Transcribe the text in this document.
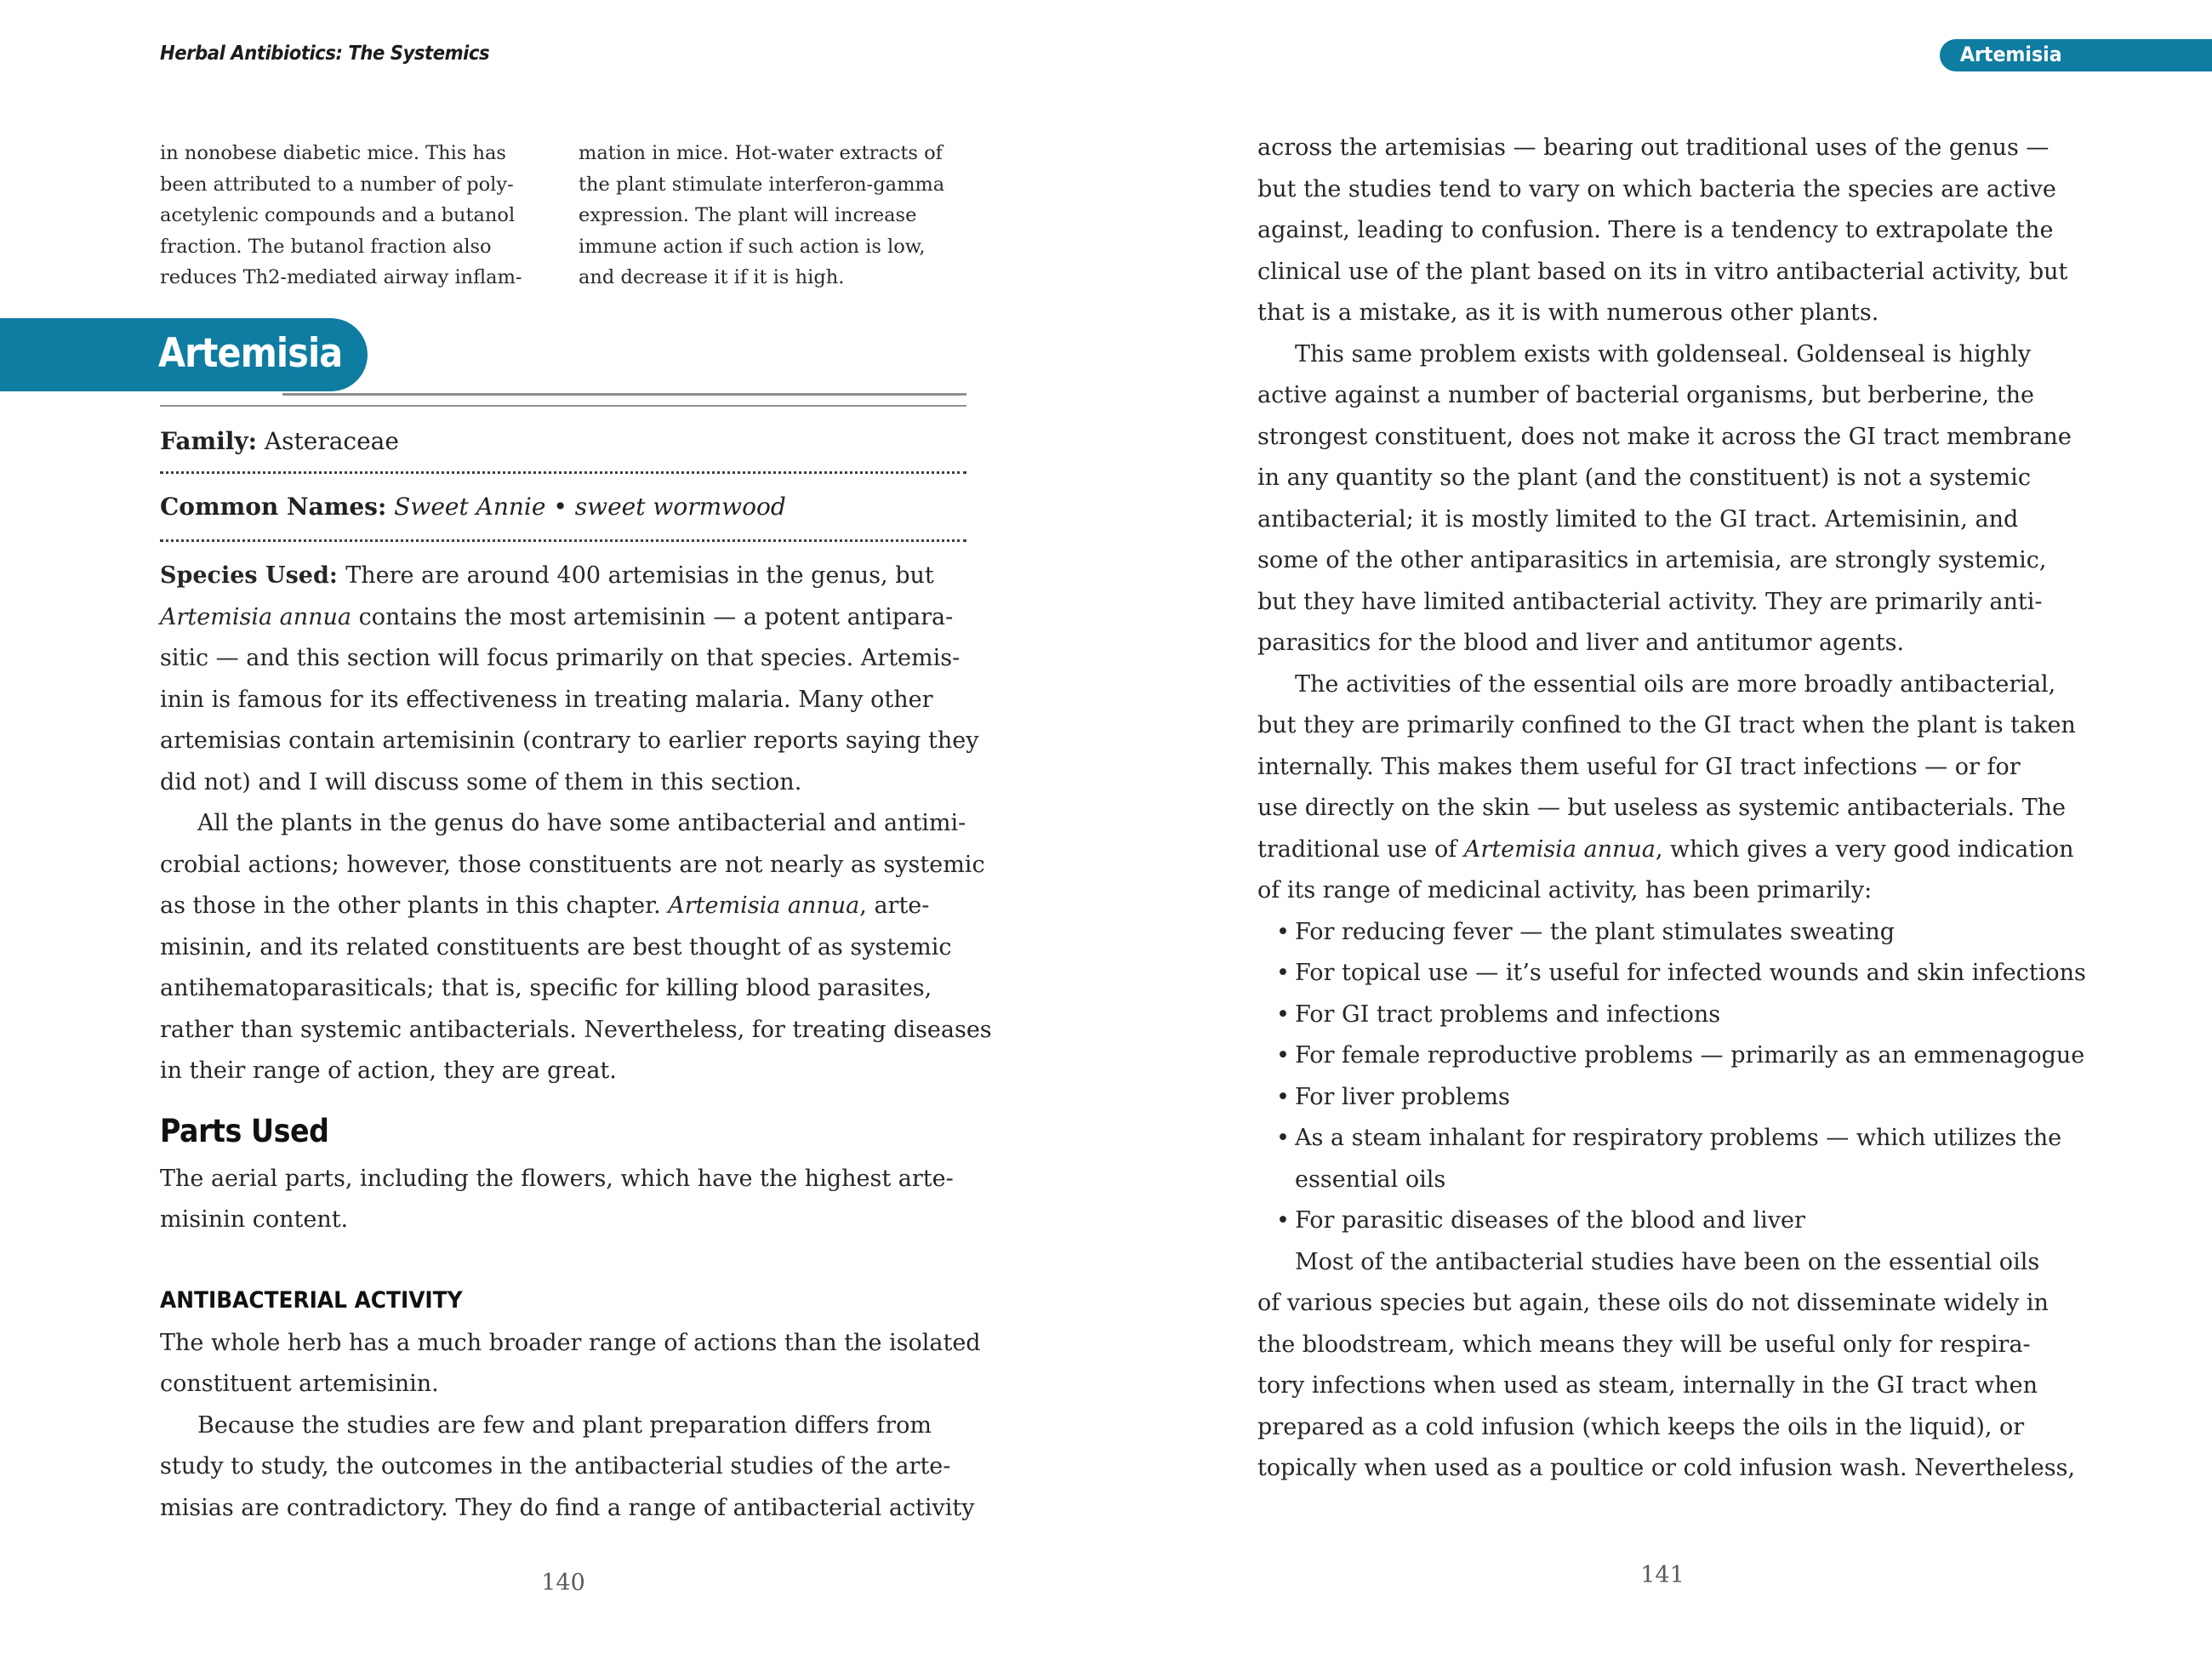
Herbal Antibiotics: The Systemics
in nonobese diabetic mice. This has
been attributed to a number of poly-
acetylenic compounds and a butanol
fraction. The butanol fraction also
reduces Th2-mediated airway inflam-
mation in mice. Hot-water extracts of
the plant stimulate interferon-gamma
expression. The plant will increase
immune action if such action is low,
and decrease it if it is high.
Artemisia
Family: Asteraceae
Common Names: Sweet Annie • sweet wormwood
Species Used: There are around 400 artemisias in the genus, but
Artemisia annua contains the most artemisinin — a potent antipara-
sitic — and this section will focus primarily on that species. Artemis-
inin is famous for its effectiveness in treating malaria. Many other
artemisias contain artemisinin (contrary to earlier reports saying they
did not) and I will discuss some of them in this section.
All the plants in the genus do have some antibacterial and antimi-
crobial actions; however, those constituents are not nearly as systemic
as those in the other plants in this chapter. Artemisia annua, arte-
misinin, and its related constituents are best thought of as systemic
antihematoparasiticals; that is, specific for killing blood parasites,
rather than systemic antibacterials. Nevertheless, for treating diseases
in their range of action, they are great.
Parts Used
The aerial parts, including the flowers, which have the highest arte-
misinin content.
ANTIBACTERIAL ACTIVITY
The whole herb has a much broader range of actions than the isolated
constituent artemisinin.
Because the studies are few and plant preparation differs from
study to study, the outcomes in the antibacterial studies of the arte-
misias are contradictory. They do find a range of antibacterial activity
140
Artemisia
across the artemisias — bearing out traditional uses of the genus —
but the studies tend to vary on which bacteria the species are active
against, leading to confusion. There is a tendency to extrapolate the
clinical use of the plant based on its in vitro antibacterial activity, but
that is a mistake, as it is with numerous other plants.
This same problem exists with goldenseal. Goldenseal is highly
active against a number of bacterial organisms, but berberine, the
strongest constituent, does not make it across the GI tract membrane
in any quantity so the plant (and the constituent) is not a systemic
antibacterial; it is mostly limited to the GI tract. Artemisinin, and
some of the other antiparasitics in artemisia, are strongly systemic,
but they have limited antibacterial activity. They are primarily anti-
parasitics for the blood and liver and antitumor agents.
The activities of the essential oils are more broadly antibacterial,
but they are primarily confined to the GI tract when the plant is taken
internally. This makes them useful for GI tract infections — or for
use directly on the skin — but useless as systemic antibacterials. The
traditional use of Artemisia annua, which gives a very good indication
of its range of medicinal activity, has been primarily:
• For reducing fever — the plant stimulates sweating
• For topical use — it’s useful for infected wounds and skin infections
• For GI tract problems and infections
• For female reproductive problems — primarily as an emmenagogue
• For liver problems
• As a steam inhalant for respiratory problems — which utilizes the
essential oils
• For parasitic diseases of the blood and liver
Most of the antibacterial studies have been on the essential oils
of various species but again, these oils do not disseminate widely in
the bloodstream, which means they will be useful only for respira-
tory infections when used as steam, internally in the GI tract when
prepared as a cold infusion (which keeps the oils in the liquid), or
topically when used as a poultice or cold infusion wash. Nevertheless,
141
